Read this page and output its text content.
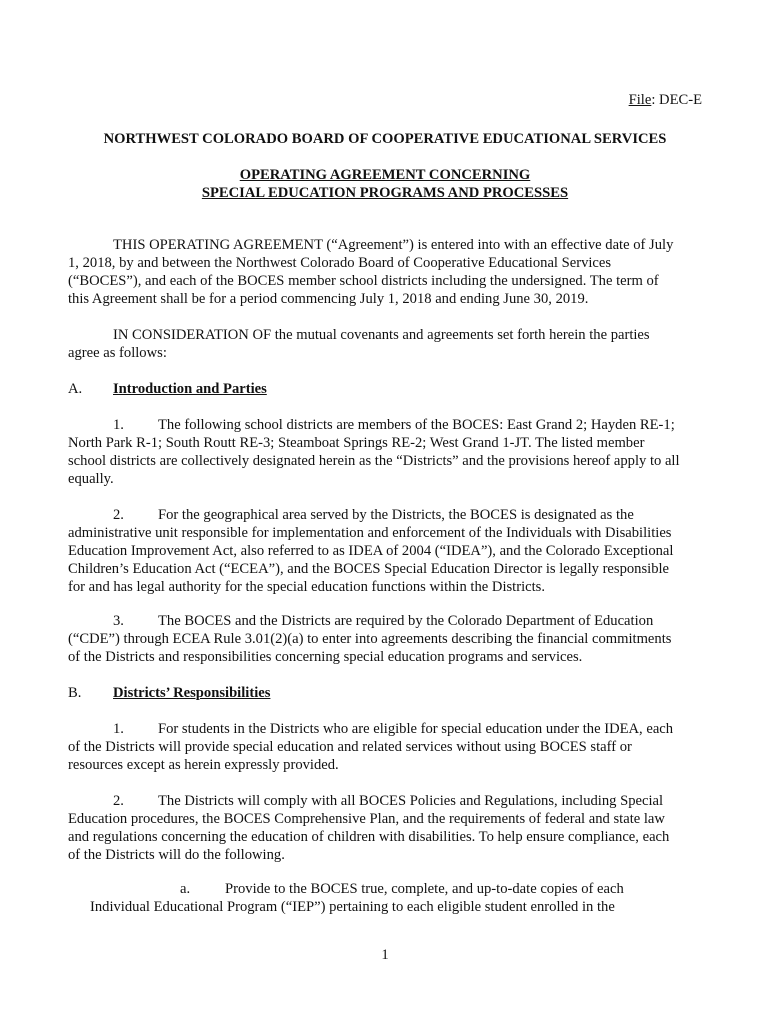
File: DEC-E
NORTHWEST COLORADO BOARD OF COOPERATIVE EDUCATIONAL SERVICES
OPERATING AGREEMENT CONCERNING
SPECIAL EDUCATION PROGRAMS AND PROCESSES
THIS OPERATING AGREEMENT (“Agreement”) is entered into with an effective date of July
1, 2018, by and between the Northwest Colorado Board of Cooperative Educational Services
(“BOCES”), and each of the BOCES member school districts including the undersigned. The term of
this Agreement shall be for a period commencing July 1, 2018 and ending June 30, 2019.
IN CONSIDERATION OF the mutual covenants and agreements set forth herein the parties
agree as follows:
A. Introduction and Parties
1. The following school districts are members of the BOCES: East Grand 2; Hayden RE-1;
North Park R-1; South Routt RE-3; Steamboat Springs RE-2; West Grand 1-JT. The listed member
school districts are collectively designated herein as the “Districts” and the provisions hereof apply to all
equally.
2. For the geographical area served by the Districts, the BOCES is designated as the
administrative unit responsible for implementation and enforcement of the Individuals with Disabilities
Education Improvement Act, also referred to as IDEA of 2004 (“IDEA”), and the Colorado Exceptional
Children’s Education Act (“ECEA”), and the BOCES Special Education Director is legally responsible
for and has legal authority for the special education functions within the Districts.
3. The BOCES and the Districts are required by the Colorado Department of Education
(“CDE”) through ECEA Rule 3.01(2)(a) to enter into agreements describing the financial commitments
of the Districts and responsibilities concerning special education programs and services.
B. Districts’ Responsibilities
1. For students in the Districts who are eligible for special education under the IDEA, each
of the Districts will provide special education and related services without using BOCES staff or
resources except as herein expressly provided.
2. The Districts will comply with all BOCES Policies and Regulations, including Special
Education procedures, the BOCES Comprehensive Plan, and the requirements of federal and state law
and regulations concerning the education of children with disabilities. To help ensure compliance, each
of the Districts will do the following.
a. Provide to the BOCES true, complete, and up-to-date copies of each
Individual Educational Program (“IEP”) pertaining to each eligible student enrolled in the
1
